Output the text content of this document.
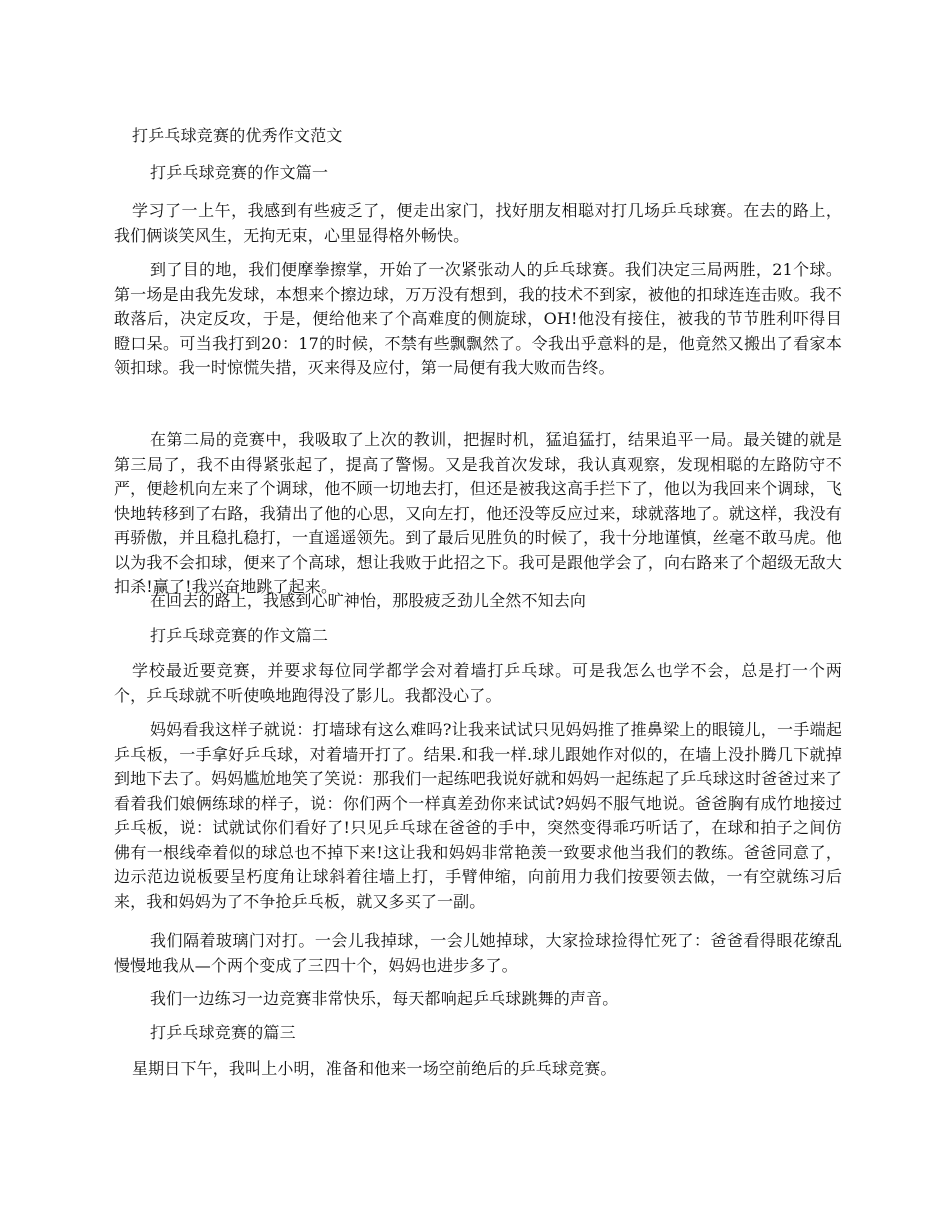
打乒乓球竞赛的优秀作文范文
打乒乓球竞赛的作文篇一

学习了一上午，我感到有些疲乏了，便走出家门，找好朋友相聪对打几场乒乓球赛。在去的路上，我们俩谈笑风生，无拘无束，心里显得格外畅快。

到了目的地，我们便摩拳擦掌，开始了一次紧张动人的乒乓球赛。我们决定三局两胜，21个球。第一场是由我先发球，本想来个擦边球，万万没有想到，我的技术不到家，被他的扣球连连击败。我不敢落后，决定反攻，于是，便给他来了个高难度的侧旋球，OH!他没有接住，被我的节节胜利吓得目瞪口呆。可当我打到20：17的时候，不禁有些飘飘然了。令我出乎意料的是，他竟然又搬出了看家本领扣球。我一时惊慌失措，灭来得及应付，第一局便有我大败而告终。

在第二局的竞赛中，我吸取了上次的教训，把握时机，猛追猛打，结果追平一局。最关键的就是第三局了，我不由得紧张起了，提高了警惕。又是我首次发球，我认真观察，发现相聪的左路防守不严，便趁机向左来了个调球，他不顾一切地去打，但还是被我这高手拦下了，他以为我回来个调球，飞快地转移到了右路，我猜出了他的心思，又向左打，他还没等反应过来，球就落地了。就这样，我没有再骄傲，并且稳扎稳打，一直遥遥领先。到了最后见胜负的时候了，我十分地谨慎，丝毫不敢马虎。他以为我不会扣球，便来了个高球，想让我败于此招之下。我可是跟他学会了，向右路来了个超级无敌大扣杀!赢了!我兴奋地跳了起来。

在回去的路上，我感到心旷神怡，那股疲乏劲儿全然不知去向

打乒乓球竞赛的作文篇二

学校最近要竞赛，并要求每位同学都学会对着墙打乒乓球。可是我怎么也学不会，总是打一个两个，乒乓球就不听使唤地跑得没了影儿。我都没心了。

妈妈看我这样子就说：打墙球有这么难吗?让我来试试只见妈妈推了推鼻梁上的眼镜儿，一手端起乒乓板，一手拿好乒乓球，对着墙开打了。结果.和我一样.球儿跟她作对似的，在墙上没扑腾几下就掉到地下去了。妈妈尴尬地笑了笑说：那我们一起练吧我说好就和妈妈一起练起了乒乓球这时爸爸过来了看着我们娘俩练球的样子，说：你们两个一样真差劲你来试试?妈妈不服气地说。爸爸胸有成竹地接过乒乓板，说：试就试你们看好了!只见乒乓球在爸爸的手中，突然变得乖巧听话了，在球和拍子之间仿佛有一根线牵着似的球总也不掉下来!这让我和妈妈非常艳羡一致要求他当我们的教练。爸爸同意了，边示范边说板要呈朽度角让球斜着往墙上打，手臂伸缩，向前用力我们按要领去做，一有空就练习后来，我和妈妈为了不争抢乒乓板，就又多买了一副。

我们隔着玻璃门对打。一会儿我掉球，一会儿她掉球，大家捡球捡得忙死了：爸爸看得眼花缭乱慢慢地我从—个两个变成了三四十个，妈妈也进步多了。

我们一边练习一边竞赛非常快乐，每天都响起乒乓球跳舞的声音。

打乒乓球竞赛的篇三

星期日下午，我叫上小明，准备和他来一场空前绝后的乒乓球竞赛。
